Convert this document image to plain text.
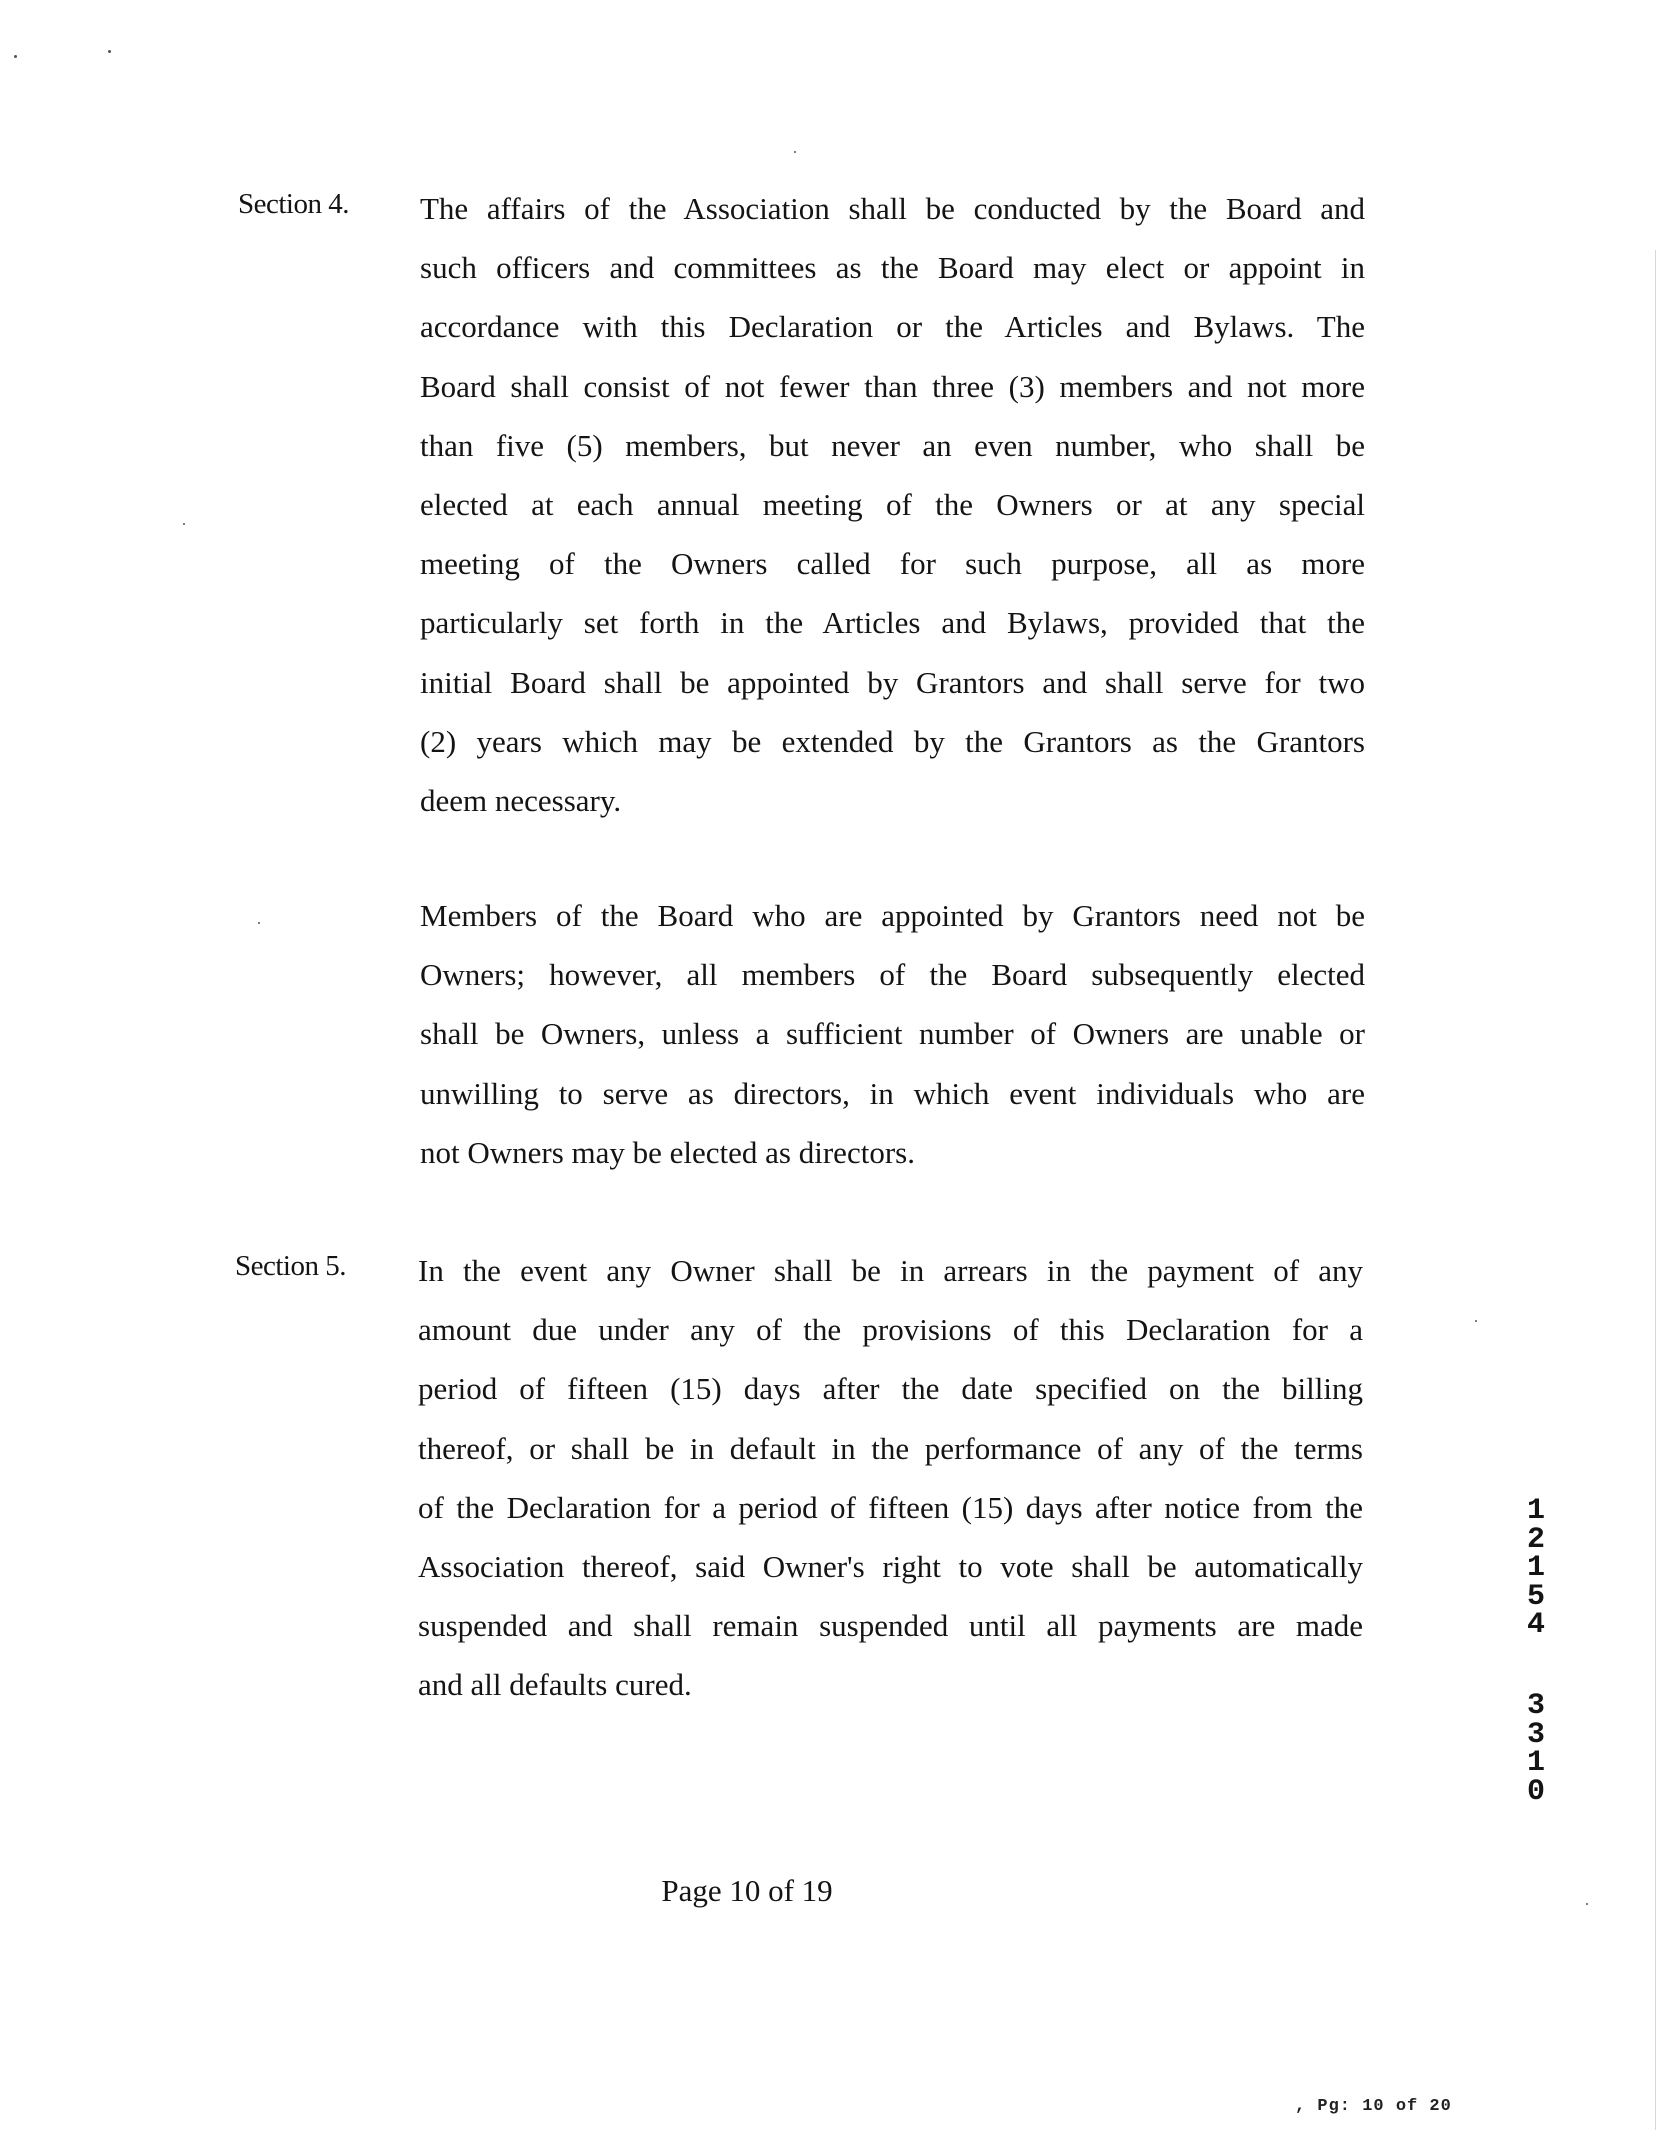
Section 4. The affairs of the Association shall be conducted by the Board and
such officers and committees as the Board may elect or appoint in
accordance with this Declaration or the Articles and Bylaws. The
Board shall consist of not fewer than three (3) members and not more
than five (5) members, but never an even number, who shall be
elected at each annual meeting of the Owners or at any special
meeting of the Owners called for such purpose, all as more
particularly set forth in the Articles and Bylaws, provided that the
initial Board shall be appointed by Grantors and shall serve for two
(2) years which may be extended by the Grantors as the Grantors
deem necessary.
Members of the Board who are appointed by Grantors need not be
Owners; however, all members of the Board subsequently elected
shall be Owners, unless a sufficient number of Owners are unable or
unwilling to serve as directors, in which event individuals who are
not Owners may be elected as directors.
Section 5. In the event any Owner shall be in arrears in the payment of any
amount due under any of the provisions of this Declaration for a
period of fifteen (15) days after the date specified on the billing
thereof, or shall be in default in the performance of any of the terms
of the Declaration for a period of fifteen (15) days after notice from the
Association thereof, said Owner's right to vote shall be automatically
suspended and shall remain suspended until all payments are made
and all defaults cured.
1
2
1
5
4
3
3
1
0
Page 10 of 19
, Pg: 10 of 20
